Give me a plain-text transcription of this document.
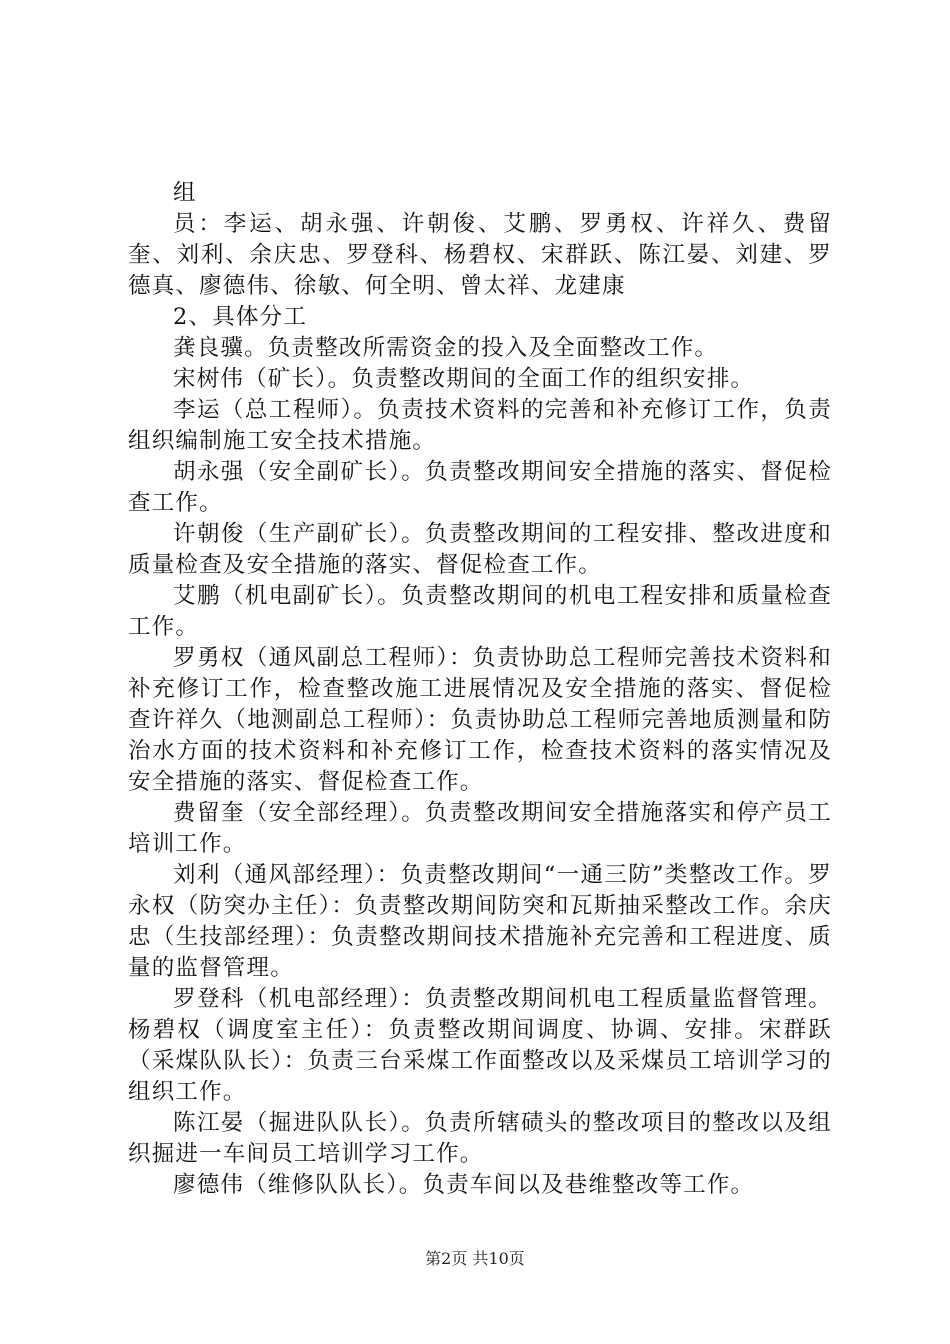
组

员：李运、胡永强、许朝俊、艾鹏、罗勇权、许祥久、费留奎、刘利、余庆忠、罗登科、杨碧权、宋群跃、陈江晏、刘建、罗德真、廖德伟、徐敏、何全明、曾太祥、龙建康

2、具体分工

龚良骥。负责整改所需资金的投入及全面整改工作。

宋树伟（矿长）。负责整改期间的全面工作的组织安排。

李运（总工程师）。负责技术资料的完善和补充修订工作，负责组织编制施工安全技术措施。

胡永强（安全副矿长）。负责整改期间安全措施的落实、督促检查工作。

许朝俊（生产副矿长）。负责整改期间的工程安排、整改进度和质量检查及安全措施的落实、督促检查工作。

艾鹏（机电副矿长）。负责整改期间的机电工程安排和质量检查工作。

罗勇权（通风副总工程师）：负责协助总工程师完善技术资料和补充修订工作，检查整改施工进展情况及安全措施的落实、督促检查许祥久（地测副总工程师）：负责协助总工程师完善地质测量和防治水方面的技术资料和补充修订工作，检查技术资料的落实情况及安全措施的落实、督促检查工作。

费留奎（安全部经理）。负责整改期间安全措施落实和停产员工培训工作。

刘利（通风部经理）：负责整改期间“一通三防”类整改工作。罗永权（防突办主任）：负责整改期间防突和瓦斯抽采整改工作。余庆忠（生技部经理）：负责整改期间技术措施补充完善和工程进度、质量的监督管理。

罗登科（机电部经理）：负责整改期间机电工程质量监督管理。杨碧权（调度室主任）：负责整改期间调度、协调、安排。宋群跃（采煤队队长）：负责三台采煤工作面整改以及采煤员工培训学习的组织工作。

陈江晏（掘进队队长）。负责所辖碛头的整改项目的整改以及组织掘进一车间员工培训学习工作。

廖德伟（维修队队长）。负责车间以及巷维整改等工作。

第2页 共10页
